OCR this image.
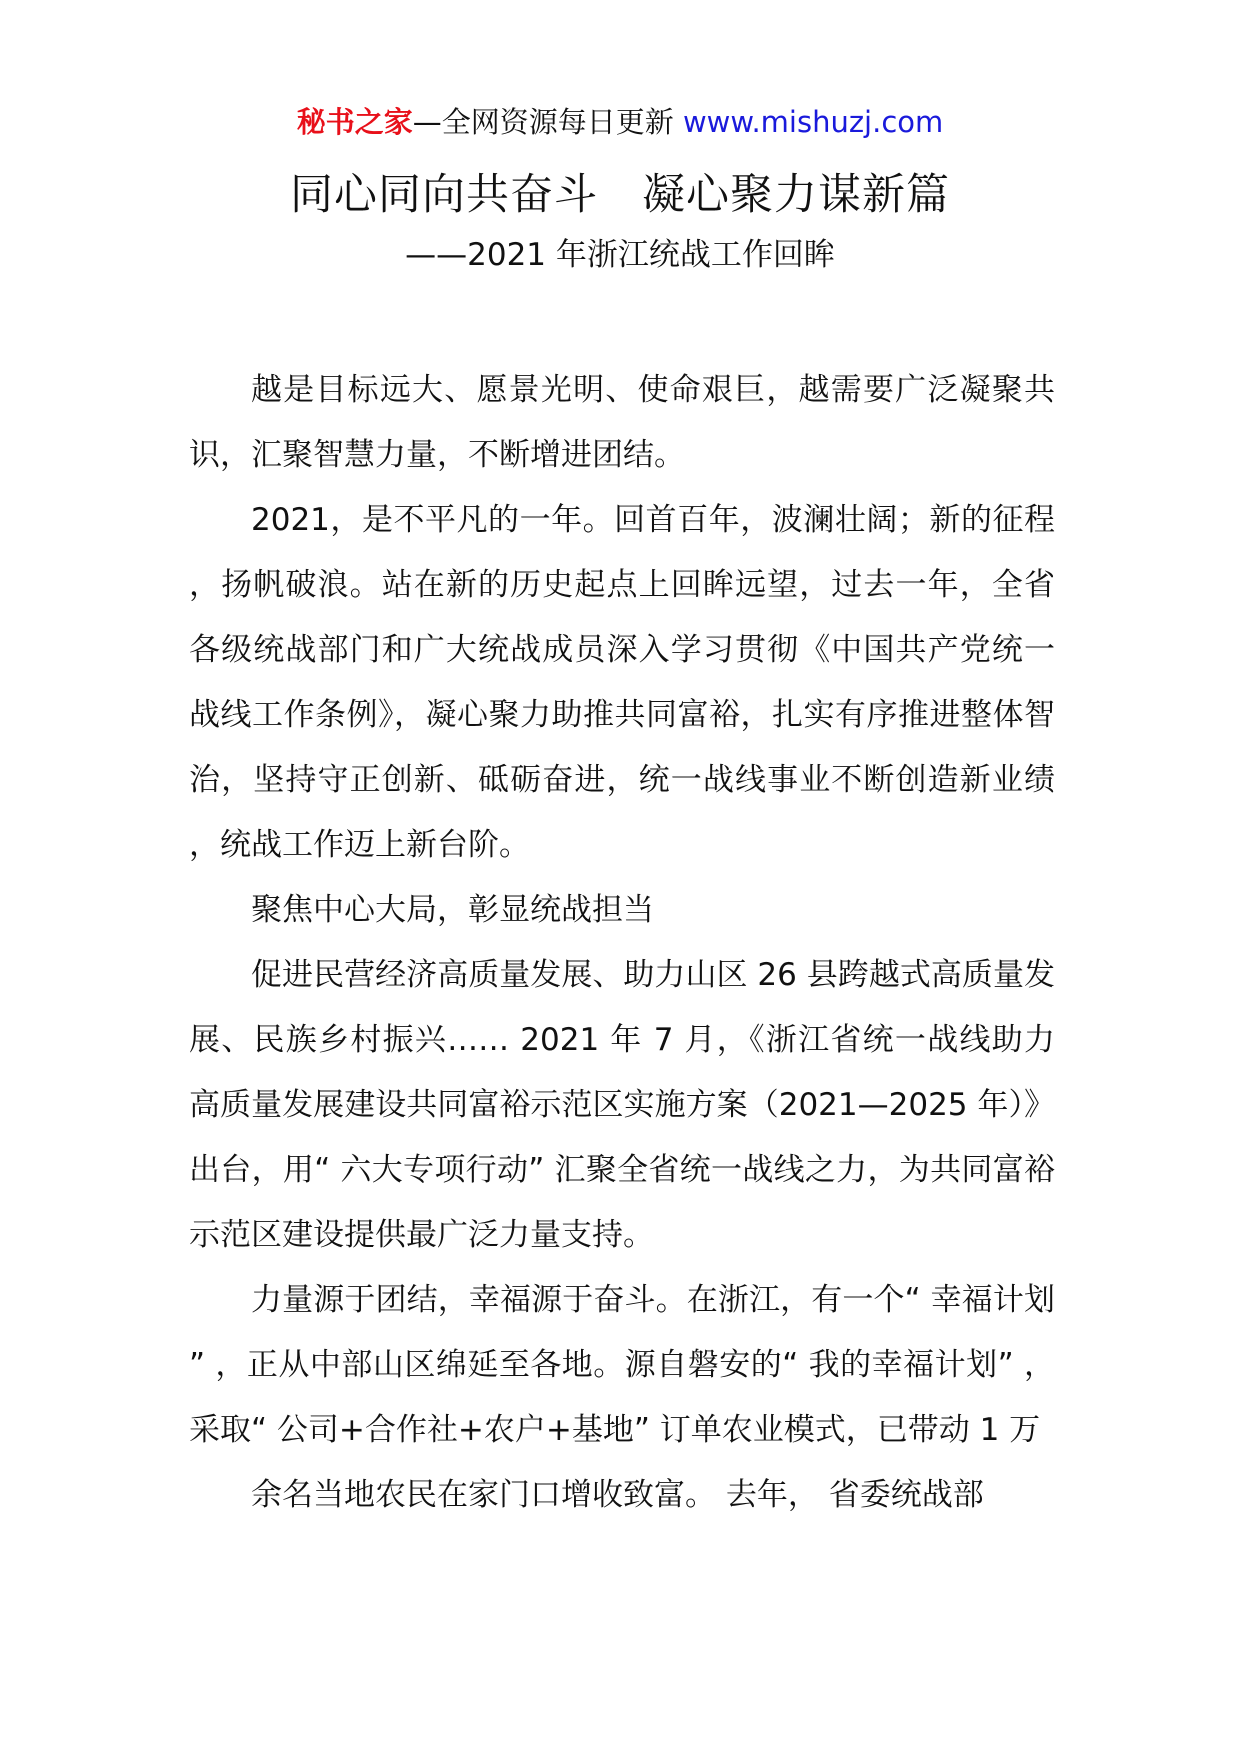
秘书之家—全网资源每日更新 www.mishuzj.com
同心同向共奋斗　凝心聚力谋新篇
——2021 年浙江统战工作回眸

越是目标远大、愿景光明、使命艰巨，越需要广泛凝聚共识，汇聚智慧力量，不断增进团结。

2021，是不平凡的一年。回首百年，波澜壮阔；新的征程，扬帆破浪。站在新的历史起点上回眸远望，过去一年，全省各级统战部门和广大统战成员深入学习贯彻《中国共产党统一战线工作条例》，凝心聚力助推共同富裕，扎实有序推进整体智治，坚持守正创新、砥砺奋进，统一战线事业不断创造新业绩，统战工作迈上新台阶。

聚焦中心大局，彰显统战担当

促进民营经济高质量发展、助力山区 26 县跨越式高质量发展、民族乡村振兴…… 2021 年 7 月，《浙江省统一战线助力高质量发展建设共同富裕示范区实施方案（2021—2025 年）》出台，用“ 六大专项行动” 汇聚全省统一战线之力，为共同富裕示范区建设提供最广泛力量支持。

力量源于团结，幸福源于奋斗。在浙江，有一个“ 幸福计划” ，正从中部山区绵延至各地。源自磐安的“ 我的幸福计划” ，采取“ 公司+合作社+农户+基地” 订单农业模式，已带动 1 万

余名当地农民在家门口增收致富。 去年， 省委统战部
